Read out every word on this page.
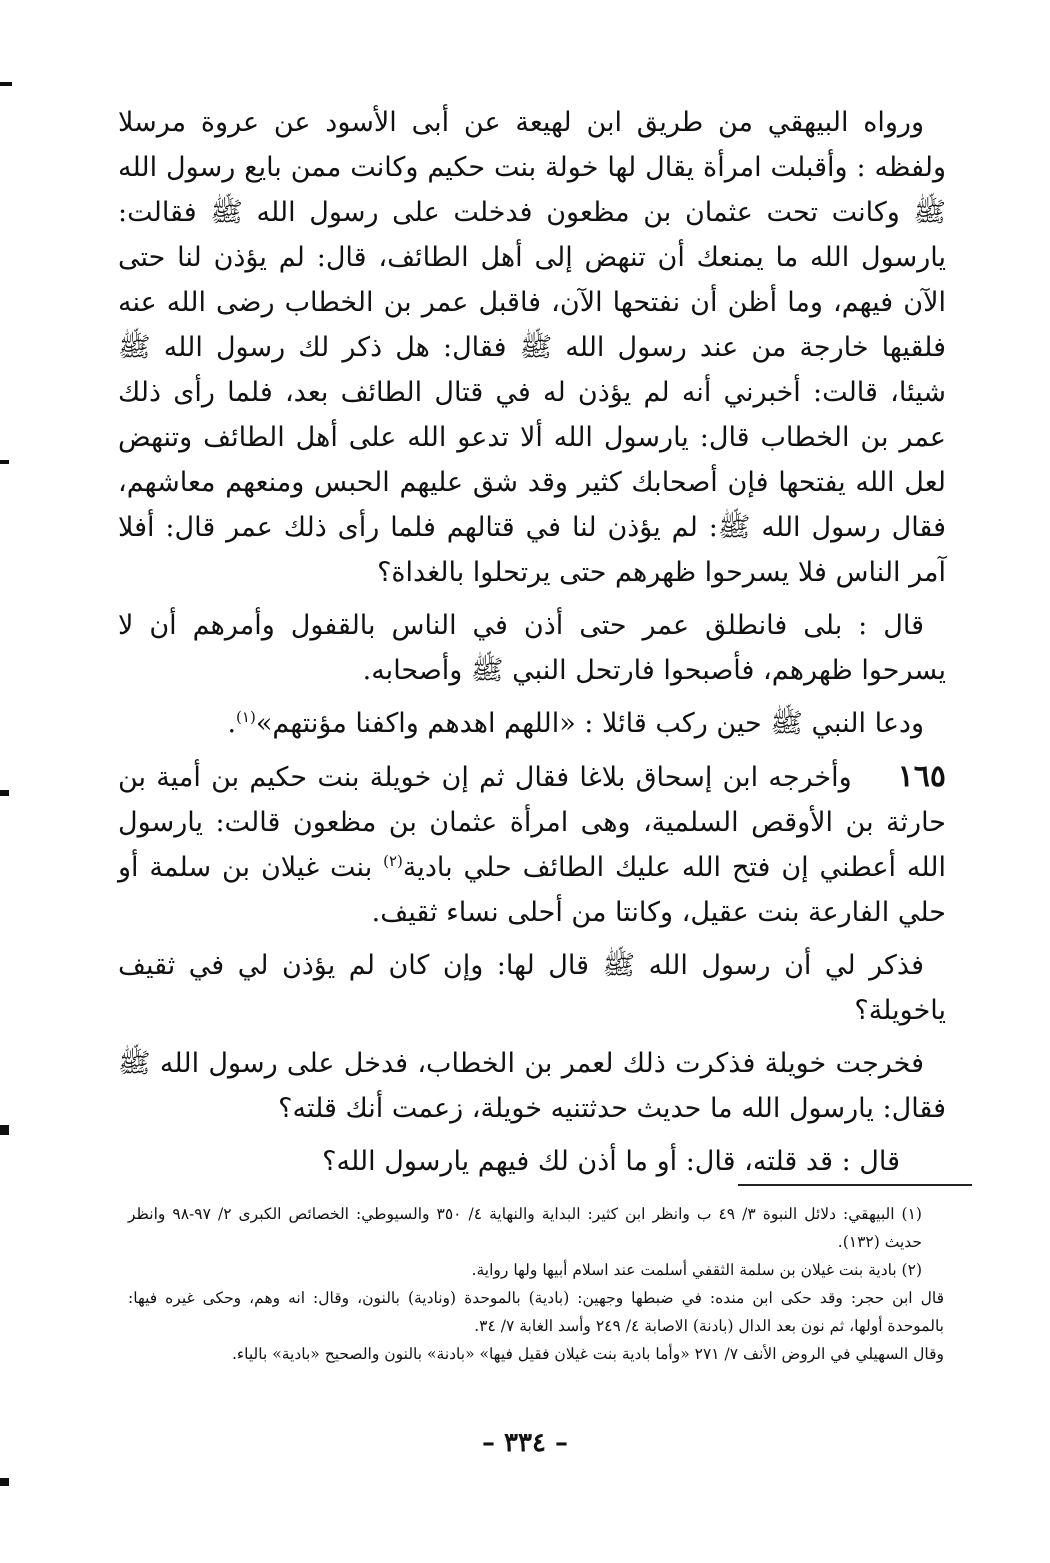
ورواه البيهقي من طريق ابن لهيعة عن أبى الأسود عن عروة مرسلا ولفظه : وأقبلت امرأة يقال لها خولة بنت حكيم وكانت ممن بايع رسول الله ﷺ وكانت تحت عثمان بن مظعون فدخلت على رسول الله ﷺ فقالت: يارسول الله ما يمنعك أن تنهض إلى أهل الطائف، قال: لم يؤذن لنا حتى الآن فيهم، وما أظن أن نفتحها الآن، فاقبل عمر بن الخطاب رضى الله عنه فلقيها خارجة من عند رسول الله ﷺ فقال: هل ذكر لك رسول الله ﷺ شيئا، قالت: أخبرني أنه لم يؤذن له في قتال الطائف بعد، فلما رأى ذلك عمر بن الخطاب قال: يارسول الله ألا تدعو الله على أهل الطائف وتنهض لعل الله يفتحها فإن أصحابك كثير وقد شق عليهم الحبس ومنعهم معاشهم، فقال رسول الله ﷺ: لم يؤذن لنا في قتالهم فلما رأى ذلك عمر قال: أفلا آمر الناس فلا يسرحوا ظهرهم حتى يرتحلوا بالغداة؟

قال : بلى فانطلق عمر حتى أذن في الناس بالقفول وأمرهم أن لا يسرحوا ظهرهم، فأصبحوا فارتحل النبي ﷺ وأصحابه.

ودعا النبي ﷺ حين ركب قائلا : «اللهم اهدهم واكفنا مؤنتهم»$^{(١)}$.

١٦٥وأخرجه ابن إسحاق بلاغا فقال ثم إن خويلة بنت حكيم بن أمية بن حارثة بن الأوقص السلمية، وهى امرأة عثمان بن مظعون قالت: يارسول الله أعطني إن فتح الله عليك الطائف حلي بادية$^{(٢)}$ بنت غيلان بن سلمة أو حلي الفارعة بنت عقيل، وكانتا من أحلى نساء ثقيف.

فذكر لي أن رسول الله ﷺ قال لها: وإن كان لم يؤذن لي في ثقيف ياخويلة؟

فخرجت خويلة فذكرت ذلك لعمر بن الخطاب، فدخل على رسول الله ﷺ فقال: يارسول الله ما حديث حدثتنيه خويلة، زعمت أنك قلته؟

قال : قد قلته، قال: أو ما أذن لك فيهم يارسول الله؟

(١) البيهقي: دلائل النبوة ٣/ ٤٩ ب وانظر ابن كثير: البداية والنهاية ٤/ ٣٥٠ والسيوطي: الخصائص الكبرى ٢/ ٩٧-٩٨ وانظر حديث (١٣٢).

(٢) بادية بنت غيلان بن سلمة الثقفي أسلمت عند اسلام أبيها ولها رواية.

قال ابن حجر: وقد حكى ابن منده: في ضبطها وجهين: (بادية) بالموحدة (ونادية) بالنون، وقال: انه وهم، وحكى غيره فيها: بالموحدة أولها، ثم نون بعد الدال (بادنة) الاصابة ٤/ ٢٤٩ وأسد الغابة ٧/ ٣٤.

وقال السهيلي في الروض الأنف ٧/ ٢٧١ «وأما بادية بنت غيلان فقيل فيها» «بادنة» بالنون والصحيح «بادية» بالياء.

– ٣٣٤ –
